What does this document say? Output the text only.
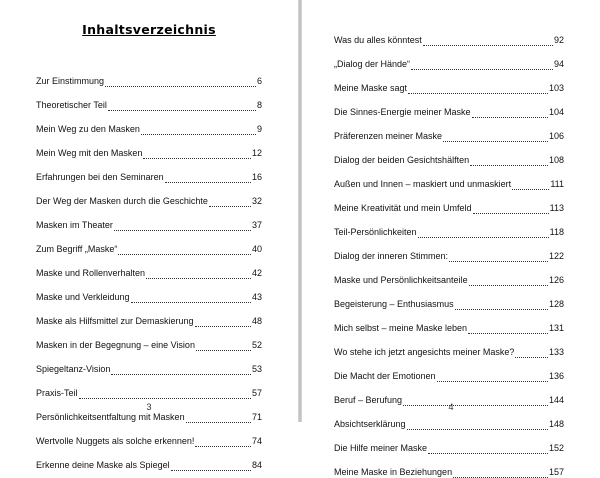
Inhaltsverzeichnis
Zur Einstimmung	6
Theoretischer Teil	8
Mein Weg zu den Masken	9
Mein Weg mit den Masken	12
Erfahrungen bei den Seminaren	16
Der Weg der Masken durch die Geschichte	32
Masken im Theater	37
Zum Begriff „Maske“	40
Maske und Rollenverhalten	42
Maske und Verkleidung	43
Maske als Hilfsmittel zur Demaskierung	48
Masken in der Begegnung – eine Vision	52
Spiegeltanz-Vision	53
Praxis-Teil	57
Persönlichkeitsentfaltung mit Masken	71
Wertvolle Nuggets als solche erkennen!	74
Erkenne deine Maske als Spiegel	84
3
Was du alles könntest	92
„Dialog der Hände“	94
Meine Maske sagt	103
Die Sinnes-Energie meiner Maske	104
Präferenzen meiner Maske	106
Dialog der beiden Gesichtshälften	108
Außen und Innen – maskiert und unmaskiert	111
Meine Kreativität und mein Umfeld	113
Teil-Persönlichkeiten	118
Dialog der inneren Stimmen:	122
Maske und Persönlichkeitsanteile	126
Begeisterung – Enthusiasmus	128
Mich selbst – meine Maske leben	131
Wo stehe ich jetzt angesichts meiner Maske?	133
Die Macht der Emotionen	136
Beruf – Berufung	144
Absichtserklärung	148
Die Hilfe meiner Maske	152
Meine Maske in Beziehungen	157
4
